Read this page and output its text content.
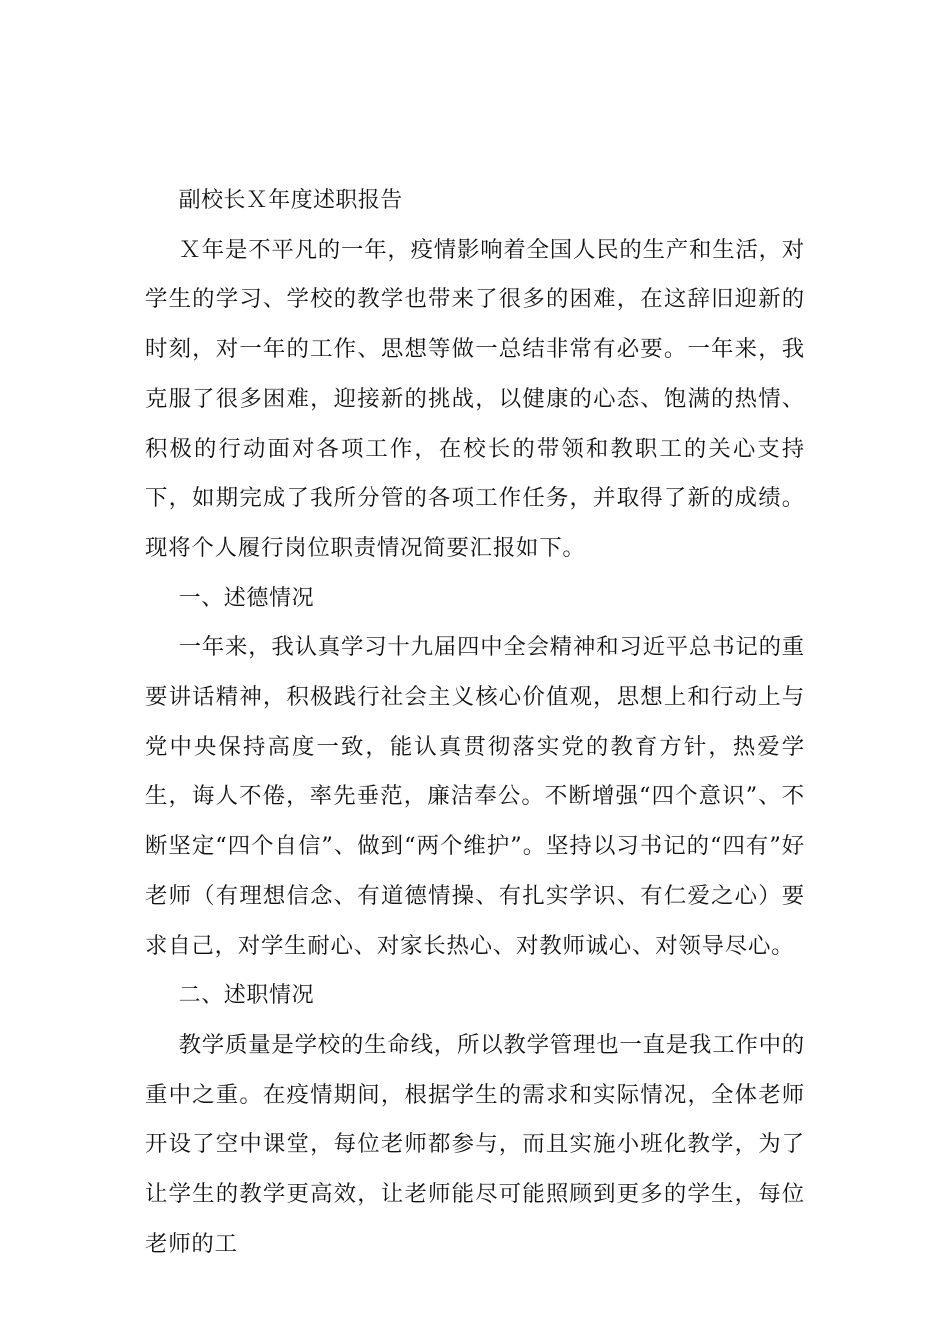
副校长Ｘ年度述职报告

Ｘ年是不平凡的一年，疫情影响着全国人民的生产和生活，对学生的学习、学校的教学也带来了很多的困难，在这辞旧迎新的时刻，对一年的工作、思想等做一总结非常有必要。一年来，我克服了很多困难，迎接新的挑战，以健康的心态、饱满的热情、积极的行动面对各项工作，在校长的带领和教职工的关心支持下，如期完成了我所分管的各项工作任务，并取得了新的成绩。现将个人履行岗位职责情况简要汇报如下。

一、述德情况

一年来，我认真学习十九届四中全会精神和习近平总书记的重要讲话精神，积极践行社会主义核心价值观，思想上和行动上与党中央保持高度一致，能认真贯彻落实党的教育方针，热爱学生，诲人不倦，率先垂范，廉洁奉公。不断增强“四个意识”、不断坚定“四个自信”、做到“两个维护”。坚持以习书记的“四有”好老师（有理想信念、有道德情操、有扎实学识、有仁爱之心）要求自己，对学生耐心、对家长热心、对教师诚心、对领导尽心。

二、述职情况

教学质量是学校的生命线，所以教学管理也一直是我工作中的重中之重。在疫情期间，根据学生的需求和实际情况，全体老师开设了空中课堂，每位老师都参与，而且实施小班化教学，为了让学生的教学更高效，让老师能尽可能照顾到更多的学生，每位老师的工
